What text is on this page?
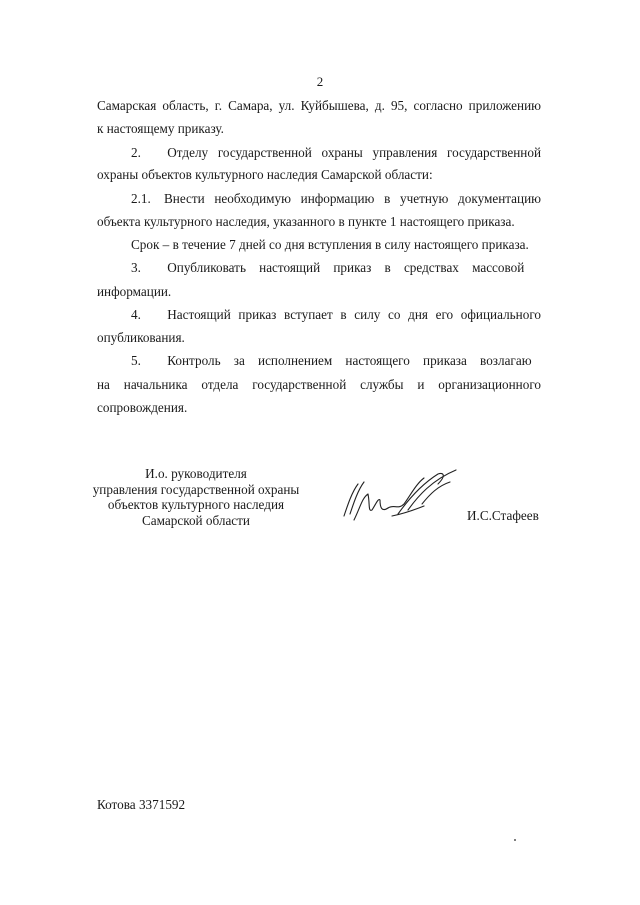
2
Самарская область, г. Самара, ул. Куйбышева, д. 95, согласно приложению
к настоящему приказу.
2.  Отделу государственной охраны управления государственной
охраны объектов культурного наследия Самарской области:
2.1. Внести необходимую информацию в учетную документацию
объекта культурного наследия, указанного в пункте 1 настоящего приказа.
Срок – в течение 7 дней со дня вступления в силу настоящего приказа.
3.  Опубликовать настоящий приказ в средствах массовой
информации.
4.  Настоящий приказ вступает в силу со дня его официального
опубликования.
5.  Контроль за исполнением настоящего приказа возлагаю
на начальника отдела государственной службы и организационного
сопровождения.
И.о. руководителя
управления государственной охраны
объектов культурного наследия
Самарской области	И.С.Стафеев
Котова 3371592
